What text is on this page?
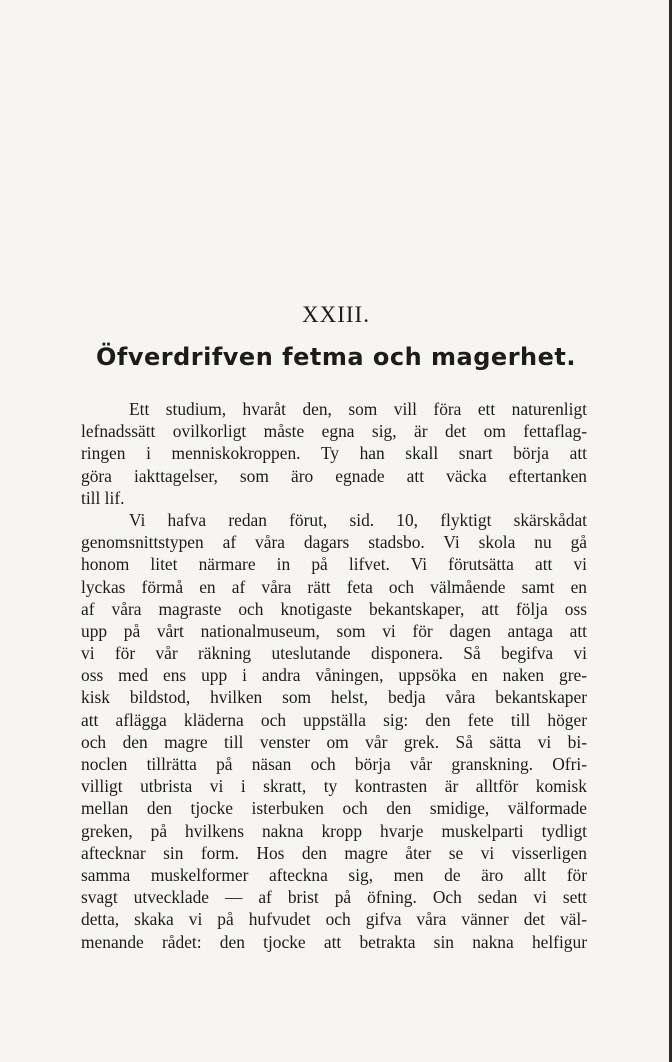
XXIII.
Öfverdrifven fetma och magerhet.
Ett studium, hvaråt den, som vill föra ett naturenligt
lefnadssätt ovilkorligt måste egna sig, är det om fettaflag-
ringen i menniskokroppen. Ty han skall snart börja att
göra iakttagelser, som äro egnade att väcka eftertanken
till lif.
Vi hafva redan förut, sid. 10, flyktigt skärskådat
genomsnittstypen af våra dagars stadsbo. Vi skola nu gå
honom litet närmare in på lifvet. Vi förutsätta att vi
lyckas förmå en af våra rätt feta och välmående samt en
af våra magraste och knotigaste bekantskaper, att följa oss
upp på vårt nationalmuseum, som vi för dagen antaga att
vi för vår räkning uteslutande disponera. Så begifva vi
oss med ens upp i andra våningen, uppsöka en naken gre-
kisk bildstod, hvilken som helst, bedja våra bekantskaper
att aflägga kläderna och uppställa sig: den fete till höger
och den magre till venster om vår grek. Så sätta vi bi-
noclen tillrätta på näsan och börja vår granskning. Ofri-
villigt utbrista vi i skratt, ty kontrasten är alltför komisk
mellan den tjocke isterbuken och den smidige, välformade
greken, på hvilkens nakna kropp hvarje muskelparti tydligt
aftecknar sin form. Hos den magre åter se vi visserligen
samma muskelformer afteckna sig, men de äro allt för
svagt utvecklade — af brist på öfning. Och sedan vi sett
detta, skaka vi på hufvudet och gifva våra vänner det väl-
menande rådet: den tjocke att betrakta sin nakna helfigur
